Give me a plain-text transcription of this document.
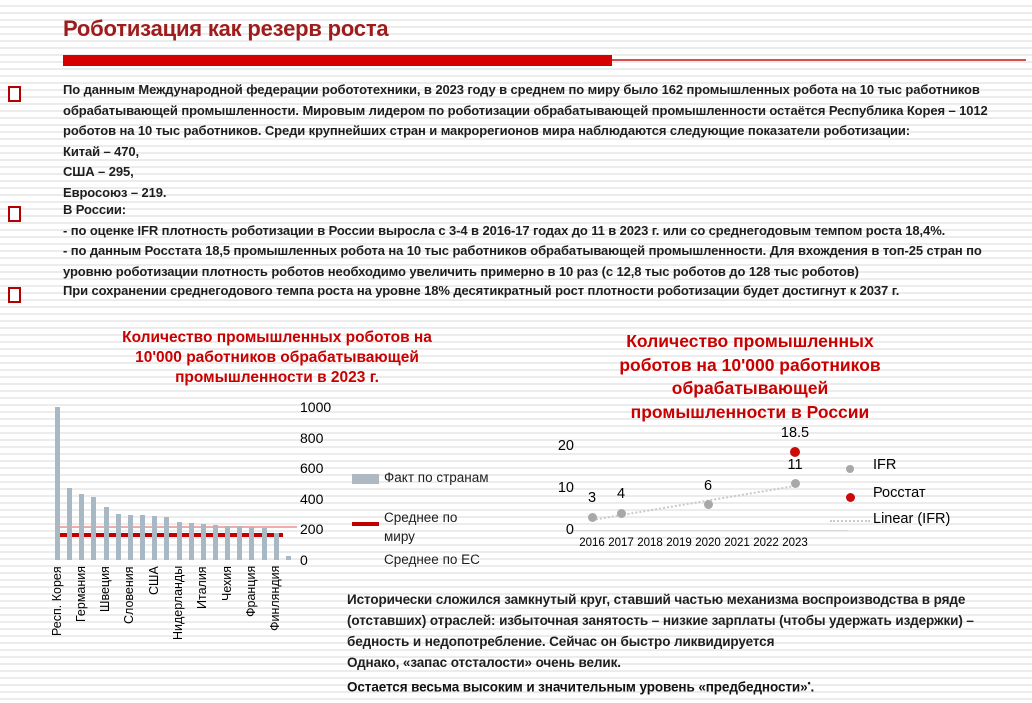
Роботизация как резерв роста
По данным Международной федерации робототехники, в 2023 году в среднем по миру было 162 промышленных робота на 10 тыс работников
обрабатывающей промышленности. Мировым лидером по роботизации обрабатывающей промышленности остаётся Республика Корея – 1012
роботов на 10 тыс работников. Среди крупнейших стран и макрорегионов мира наблюдаются следующие показатели роботизации:
Китай – 470,
США – 295,
Евросоюз – 219.
В России:
- по оценке IFR плотность роботизации в России выросла с 3-4 в 2016-17 годах до 11 в 2023 г. или со среднегодовым темпом роста 18,4%.
- по данным Росстата 18,5 промышленных робота на 10 тыс работников обрабатывающей промышленности. Для вхождения в топ-25 стран по
уровню роботизации плотность роботов необходимо увеличить примерно в 10 раз (с 12,8 тыс роботов до 128 тыс роботов)
При сохранении среднегодового темпа роста на уровне 18% десятикратный рост плотности роботизации будет достигнут к 2037 г.
Количество промышленных роботов на
10'000 работников обрабатывающей
промышленности в 2023 г.
0
200
400
600
800
1000
Респ. Корея Германия Швеция Словения США Нидерланды Италия Чехия Франция Финляндия
Факт по странам
Среднее по миру
Среднее по ЕС
Количество промышленных
роботов на 10'000 работников
обрабатывающей
промышленности в России
3	4
6
11
18.5
0
10
20
2016 2017 2018 2019 2020 2021 2022 2023
IFR
Росстат
Linear (IFR)
Исторически сложился замкнутый круг, ставший частью механизма воспроизводства в ряде
(отставших) отраслей: избыточная занятость – низкие зарплаты (чтобы удержать издержки) –
бедность и недопотребление. Сейчас он быстро ликвидируется
Однако, «запас отсталости» очень велик.
Остается весьма высоким и значительным уровень «предбедности»•.
